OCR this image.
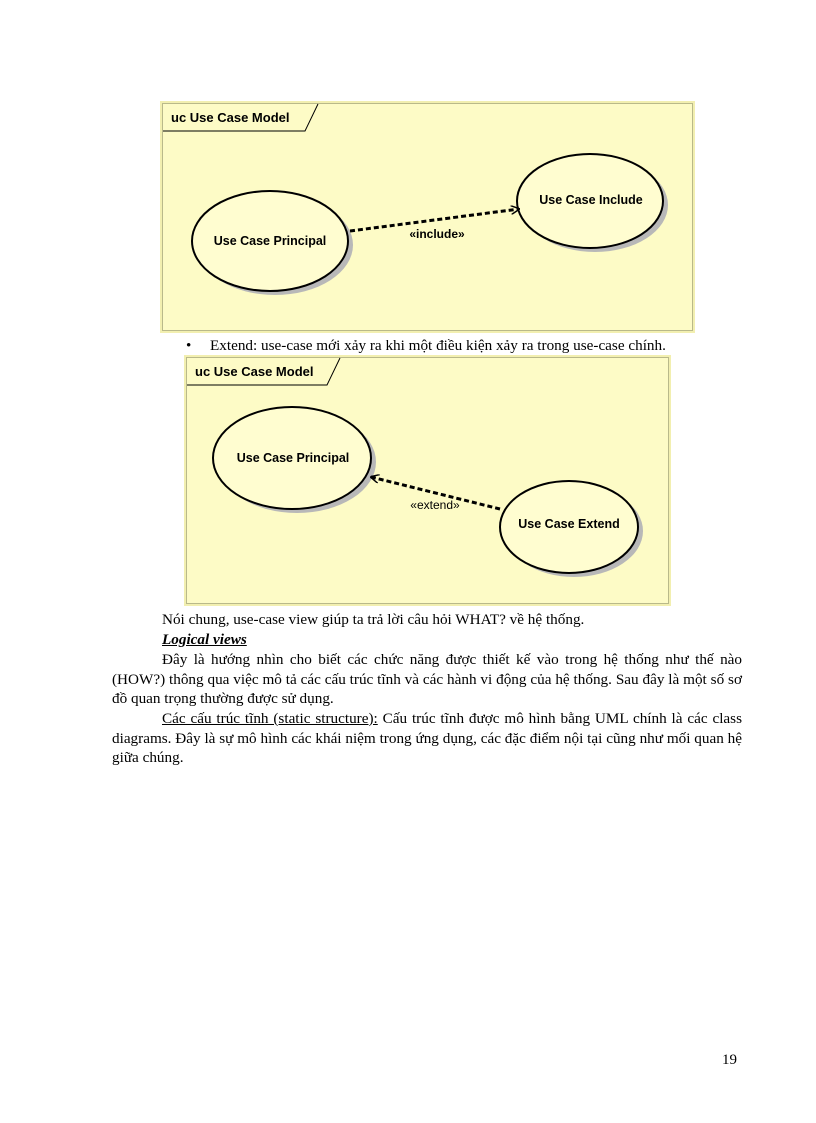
uc Use Case Model
Use Case Principal
Use Case Include
«include»
• Extend: use-case mới xảy ra khi một điều kiện xảy ra trong use-case chính.
uc Use Case Model
Use Case Principal
Use Case Extend
«extend»
Nói chung, use-case view giúp ta trả lời câu hỏi WHAT? về hệ thống.
Logical views
Đây là hướng nhìn cho biết các chức năng được thiết kế vào trong hệ thống như thế nào (HOW?) thông qua việc mô tả các cấu trúc tĩnh và các hành vi động của hệ thống. Sau đây là một số sơ đồ quan trọng thường được sử dụng.
Các cấu trúc tĩnh (static structure): Cấu trúc tĩnh được mô hình bằng UML chính là các class diagrams. Đây là sự mô hình các khái niệm trong ứng dụng, các đặc điểm nội tại cũng như mối quan hệ giữa chúng.
19
